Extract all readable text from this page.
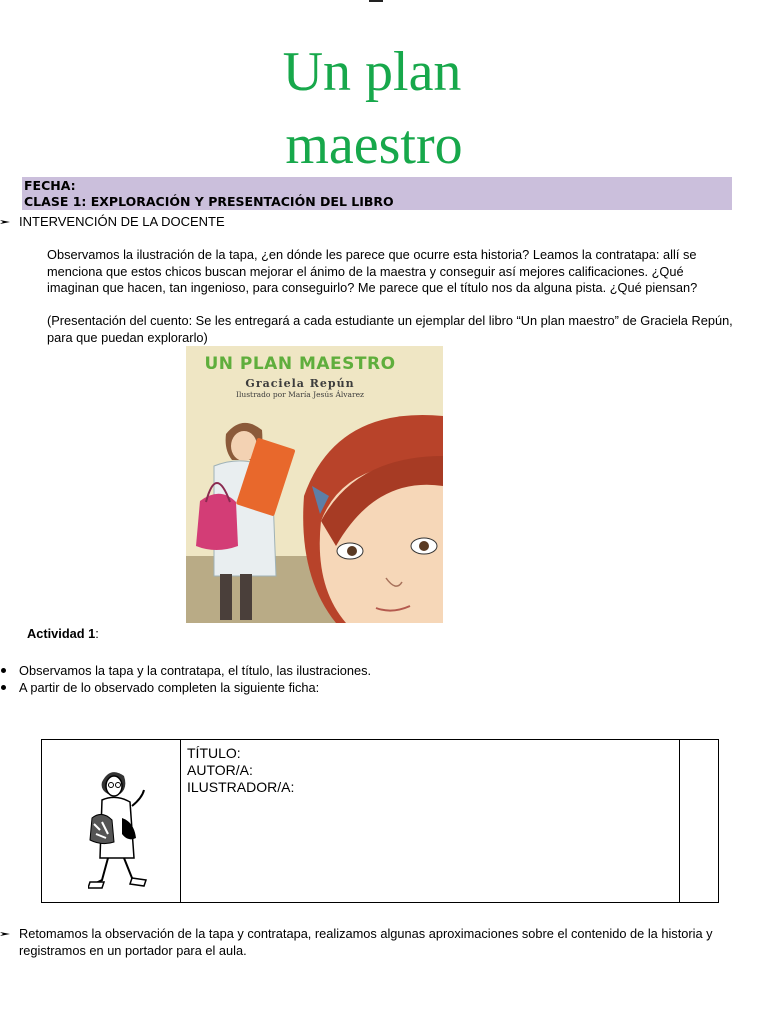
Un plan
maestro
FECHA:
CLASE 1: EXPLORACIÓN Y PRESENTACIÓN DEL LIBRO
INTERVENCIÓN DE LA DOCENTE
Observamos la ilustración de la tapa, ¿en dónde les parece que ocurre esta historia? Leamos la contratapa: allí se menciona que estos chicos buscan mejorar el ánimo de la maestra y conseguir así mejores calificaciones. ¿Qué imaginan que hacen, tan ingenioso, para conseguirlo? Me parece que el título nos da alguna pista. ¿Qué piensan?
(Presentación del cuento: Se les entregará a cada estudiante un ejemplar del libro “Un plan maestro” de Graciela Repún, para que puedan explorarlo)
UN PLAN MAESTRO
Graciela Repún
Ilustrado por María Jesús Álvarez
Actividad 1:
Observamos la tapa y la contratapa, el título, las ilustraciones.
A partir de lo observado completen la siguiente ficha:
TÍTULO:
AUTOR/A:
ILUSTRADOR/A:
Retomamos la observación de la tapa y contratapa, realizamos algunas aproximaciones sobre el contenido de la historia y registramos en un portador para el aula.
